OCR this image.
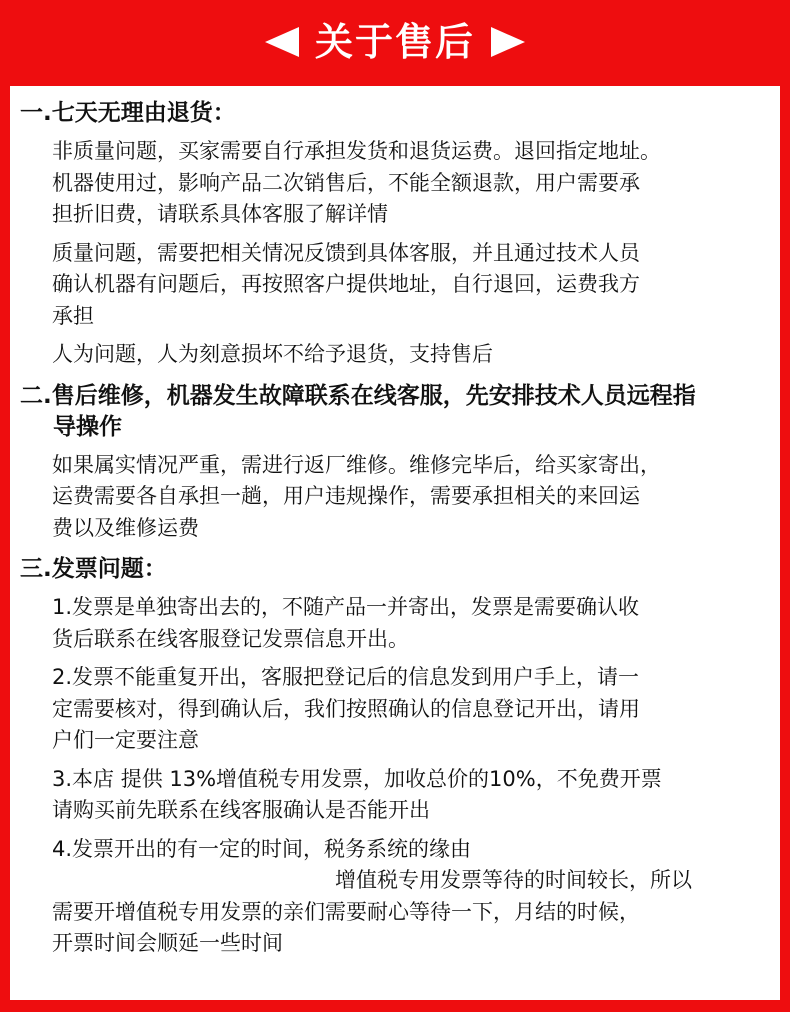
关于售后

一.七天无理由退货：

非质量问题，买家需要自行承担发货和退货运费。退回指定地址。
机器使用过，影响产品二次销售后，不能全额退款，用户需要承
担折旧费，请联系具体客服了解详情

质量问题，需要把相关情况反馈到具体客服，并且通过技术人员
确认机器有问题后，再按照客户提供地址，自行退回，运费我方
承担

人为问题，人为刻意损坏不给予退货，支持售后

二.售后维修，机器发生故障联系在线客服，先安排技术人员远程指
导操作

如果属实情况严重，需进行返厂维修。维修完毕后，给买家寄出，
运费需要各自承担一趟，用户违规操作，需要承担相关的来回运
费以及维修运费

三.发票问题：

1.发票是单独寄出去的，不随产品一并寄出，发票是需要确认收
货后联系在线客服登记发票信息开出。

2.发票不能重复开出，客服把登记后的信息发到用户手上，请一
定需要核对，得到确认后，我们按照确认的信息登记开出，请用
户们一定要注意

3.本店 提供 13%增值税专用发票，加收总价的10%，不免费开票
请购买前先联系在线客服确认是否能开出

4.发票开出的有一定的时间，税务系统的缘由
增值税专用发票等待的时间较长，所以
需要开增值税专用发票的亲们需要耐心等待一下，月结的时候，
开票时间会顺延一些时间
